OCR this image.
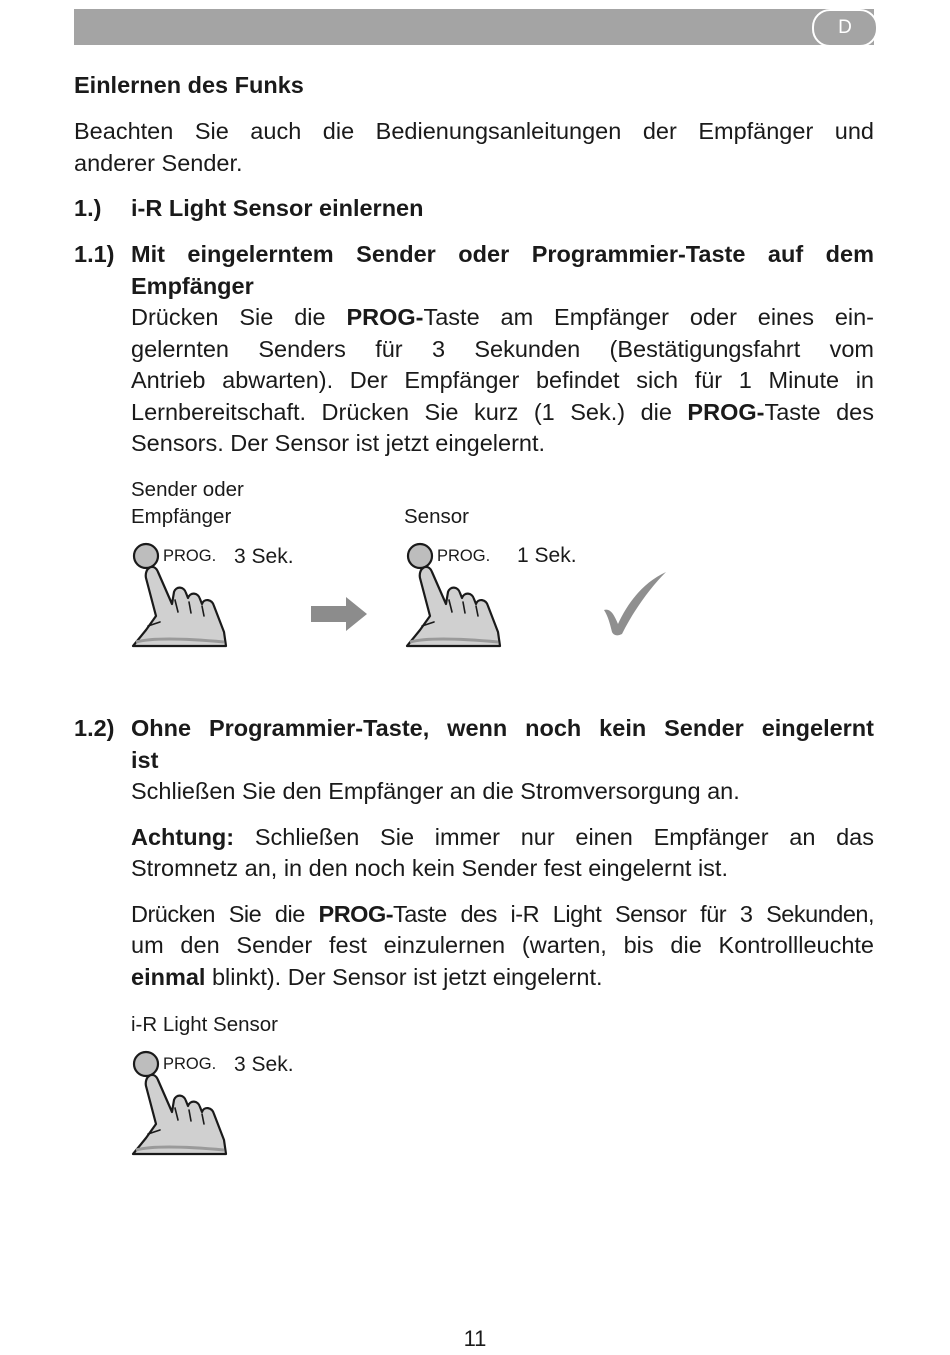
D
Einlernen des Funks
Beachten Sie auch die Bedienungsanleitungen der Empfänger und
anderer Sender.
1.) i-R Light Sensor einlernen
1.1) Mit eingelerntem Sender oder Programmier-Taste auf dem
Empfänger
Drücken Sie die PROG-Taste am Empfänger oder eines ein-
gelernten Senders für 3 Sekunden (Bestätigungsfahrt vom
Antrieb abwarten). Der Empfänger befindet sich für 1 Minute in
Lernbereitschaft. Drücken Sie kurz (1 Sek.) die PROG-Taste des
Sensors. Der Sensor ist jetzt eingelernt.
Sender oder
Empfänger	Sensor
PROG. 3 Sek.	PROG. 1 Sek.
1.2) Ohne Programmier-Taste, wenn noch kein Sender eingelernt
ist
Schließen Sie den Empfänger an die Stromversorgung an.
Achtung: Schließen Sie immer nur einen Empfänger an das
Stromnetz an, in den noch kein Sender fest eingelernt ist.
Drücken Sie die PROG-Taste des i-R Light Sensor für 3 Sekunden,
um den Sender fest einzulernen (warten, bis die Kontrollleuchte
einmal blinkt). Der Sensor ist jetzt eingelernt.
i-R Light Sensor
PROG. 3 Sek.
11
